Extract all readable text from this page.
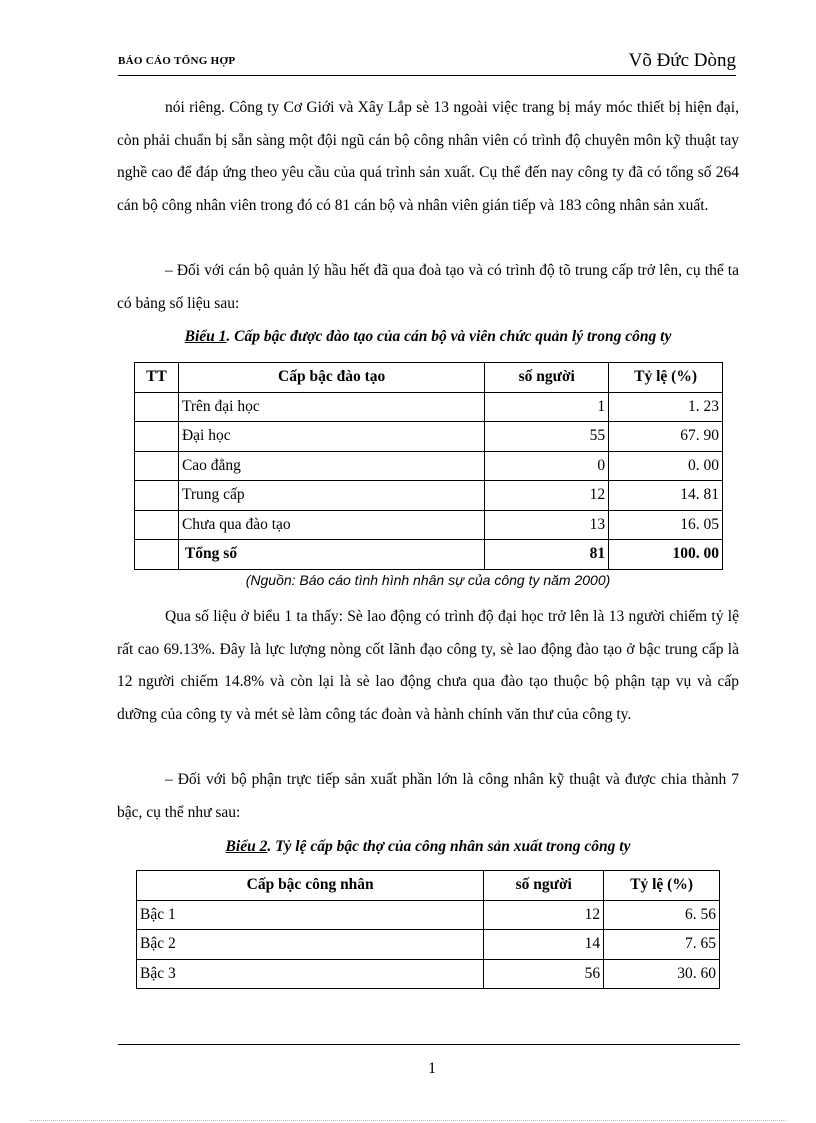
BÁO CÁO TỔNG HỢP	Võ Đức Dòng

nói riêng. Công ty Cơ Giới và Xây Lắp sè 13 ngoài việc trang bị máy móc thiết bị hiện đại, còn phải chuẩn bị sẵn sàng một đội ngũ cán bộ công nhân viên có trình độ chuyên môn kỹ thuật tay nghề cao để đáp ứng theo yêu cầu của quá trình sản xuất. Cụ thể đến nay công ty đã có tổng số 264 cán bộ công nhân viên trong đó có 81 cán bộ và nhân viên gián tiếp và 183 công nhân sản xuất.

– Đối với cán bộ quản lý hầu hết đã qua đoà tạo và có trình độ tõ trung cấp trở lên, cụ thể ta có bảng số liệu sau:

Biểu 1. Cấp bậc được đào tạo của cán bộ và viên chức quản lý trong công ty
TT	Cấp bậc đào tạo	số người	Tỷ lệ (%)
	Trên đại học	1	1. 23
	Đại học	55	67. 90
	Cao đẳng	0	0. 00
	Trung cấp	12	14. 81
	Chưa qua đào tạo	13	16. 05
	Tổng số	81	100. 00
(Nguồn: Báo cáo tình hình nhân sự của công ty năm 2000)

Qua số liệu ở biểu 1 ta thấy: Sè lao động có trình độ đại học trở lên là 13 người chiếm tỷ lệ rất cao 69.13%. Đây là lực lượng nòng cốt lãnh đạo công ty, sè lao động đào tạo ở bậc trung cấp là 12 người chiếm 14.8% và còn lại là sè lao động chưa qua đào tạo thuộc bộ phận tạp vụ và cấp dưỡng của công ty và mét sè làm công tác đoàn và hành chính văn thư của công ty.

– Đối với bộ phận trực tiếp sản xuất phần lớn là công nhân kỹ thuật và được chia thành 7 bậc, cụ thể như sau:

Biểu 2. Tỷ lệ cấp bậc thợ của công nhân sản xuất trong công ty
Cấp bậc công nhân	số người	Tỷ lệ (%)
Bậc 1	12	6. 56
Bậc 2	14	7. 65
Bậc 3	56	30. 60
1
